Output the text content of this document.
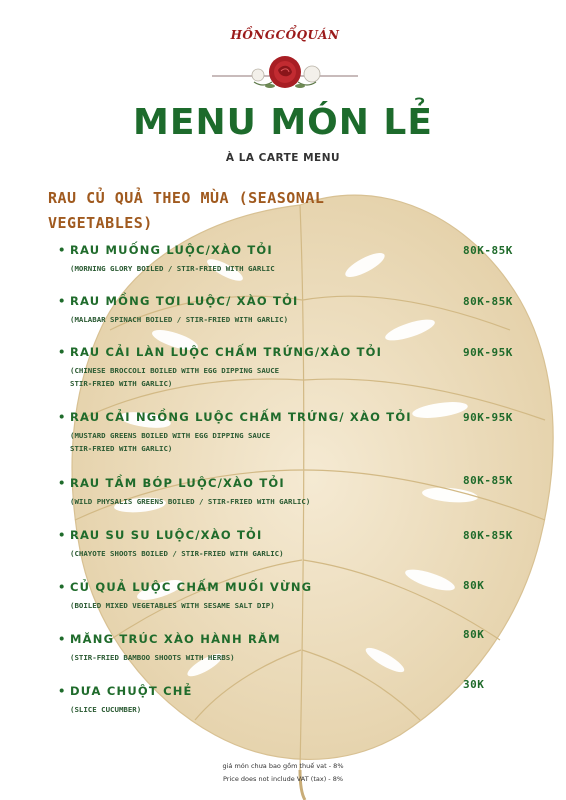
HỒNGCỔQUÁN
MENU MÓN LẺ
À LA CARTE MENU
RAU CỦ QUẢ THEO MÙA (SEASONAL VEGETABLES)
• RAU MUỐNG LUỘC/XÀO TỎI
(MORNING GLORY BOILED / STIR-FRIED WITH GARLIC
80K-85K
• RAU MỒNG TƠI LUỘC/ XÀO TỎI
(MALABAR SPINACH BOILED / STIR-FRIED WITH GARLIC)
80K-85K
• RAU CẢI LÀN LUỘC CHẤM TRỨNG/XÀO TỎI
(CHINESE BROCCOLI BOILED WITH EGG DIPPING SAUCE
STIR-FRIED WITH GARLIC)
90K-95K
• RAU CẢI NGỒNG LUỘC CHẤM TRỨNG/ XÀO TỎI
(MUSTARD GREENS BOILED WITH EGG DIPPING SAUCE
STIR-FRIED WITH GARLIC)
90K-95K
• RAU TẦM BÓP LUỘC/XÀO TỎI
(WILD PHYSALIS GREENS BOILED / STIR-FRIED WITH GARLIC)
80K-85K
• RAU SU SU LUỘC/XÀO TỎI
(CHAYOTE SHOOTS BOILED / STIR-FRIED WITH GARLIC)
80K-85K
• CỦ QUẢ LUỘC CHẤM MUỐI VỪNG
(BOILED MIXED VEGETABLES WITH SESAME SALT DIP)
80K
• MĂNG TRÚC XÀO HÀNH RĂM
(STIR-FRIED BAMBOO SHOOTS WITH HERBS)
80K
• DƯA CHUỘT CHẺ
(SLICE CUCUMBER)
30K
giá món chưa bao gồm thuế vat - 8%
Price does not include VAT (tax) - 8%
